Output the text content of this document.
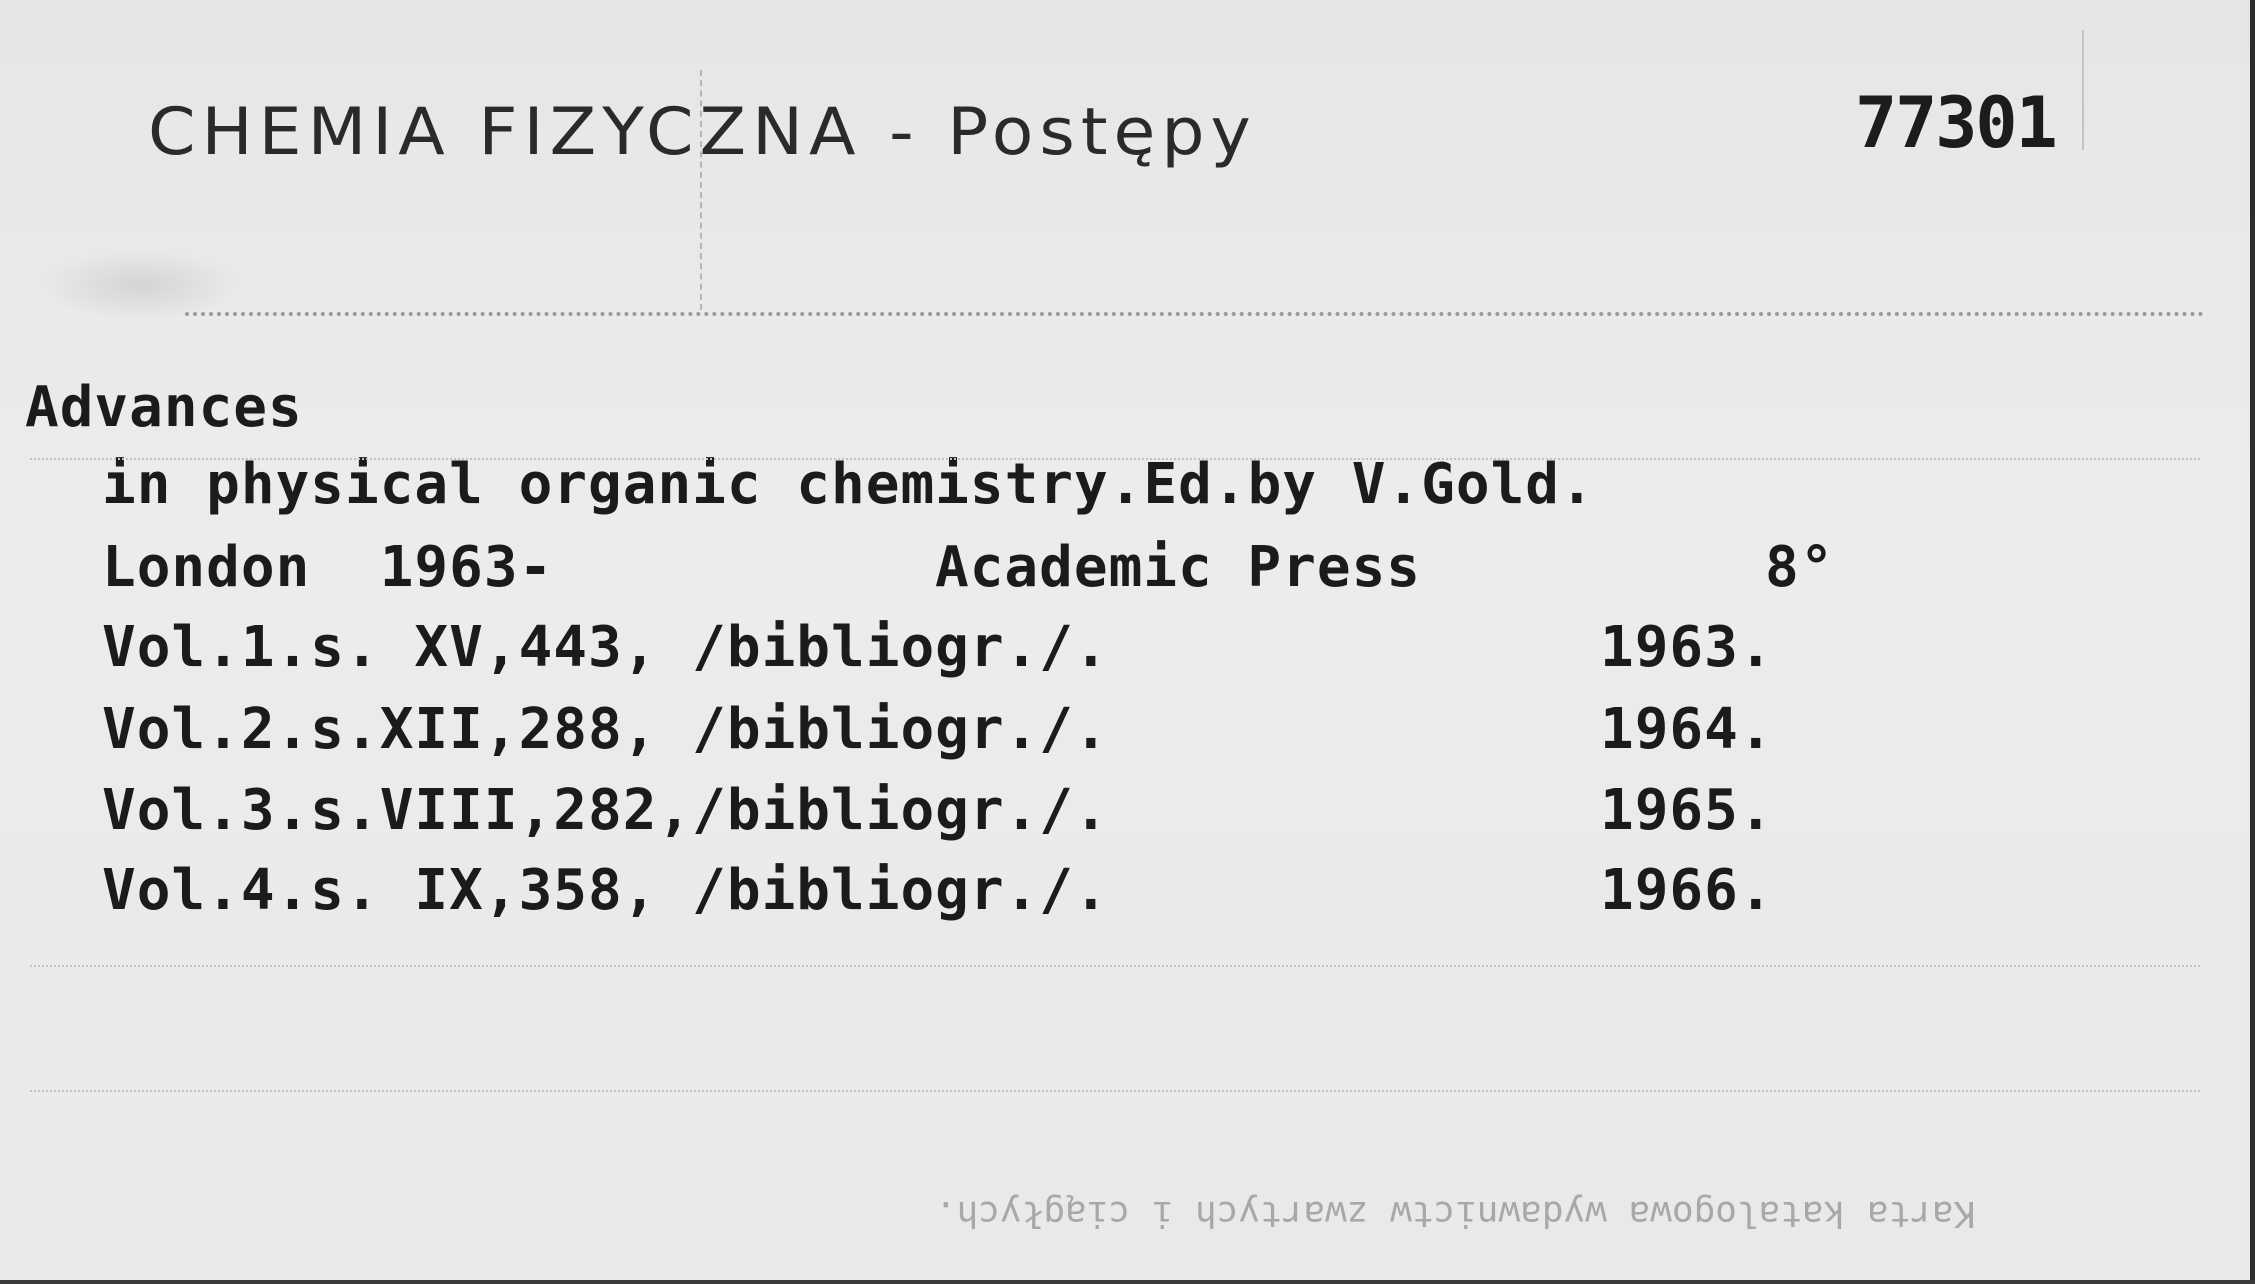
CHEMIA FIZYCZNA - Postępy	77301
Advances
in physical organic chemistry.Ed.by V.Gold.
London  1963-	Academic Press	8°
Vol.1.s. XV,443, /bibliogr./.	1963.
Vol.2.s.XII,288, /bibliogr./.	1964.
Vol.3.s.VIII,282,/bibliogr./.	1965.
Vol.4.s. IX,358, /bibliogr./.	1966.
Karta katalogowa wydawnictw zwartych i ciągłych.
